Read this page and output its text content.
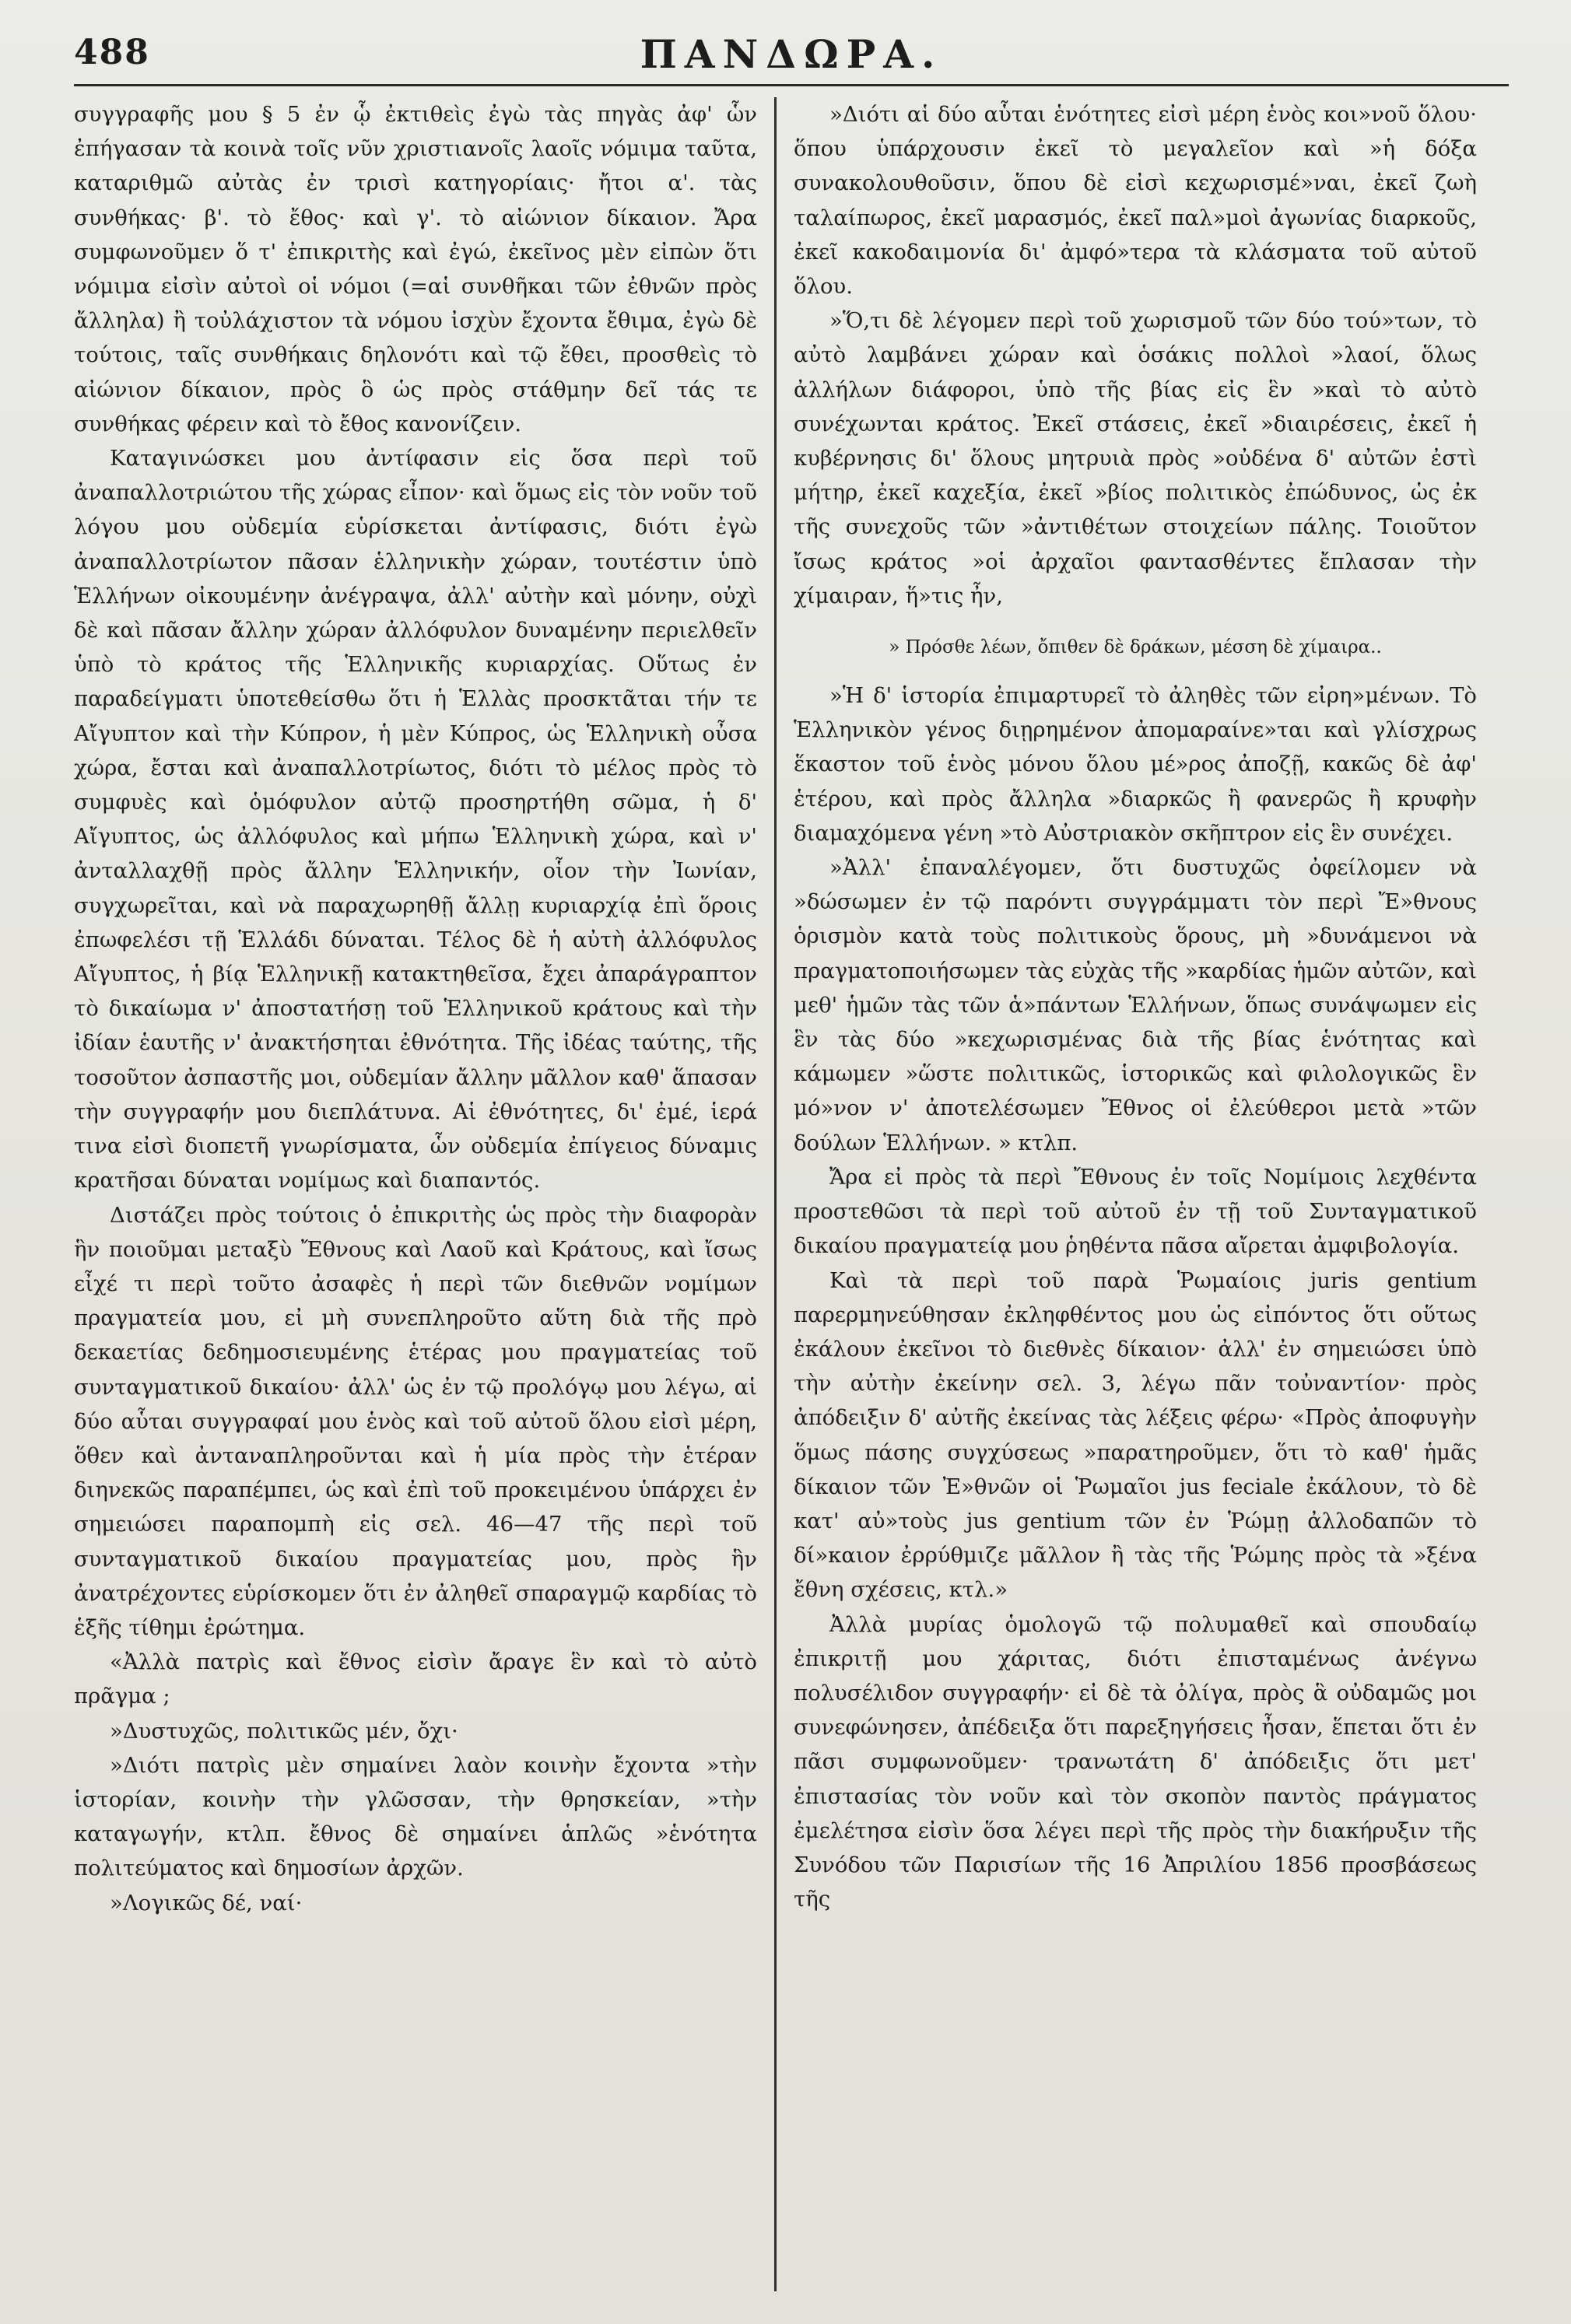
488	ΠΑΝΔΩΡΑ.

συγγραφῆς μου § 5 ἐν ᾧ ἐκτιθεὶς ἐγὼ τὰς πηγὰς ἀφ' ὧν ἐπήγασαν τὰ κοινὰ τοῖς νῦν χριστιανοῖς λαοῖς νόμιμα ταῦτα, καταριθμῶ αὐτὰς ἐν τρισὶ κατηγορίαις· ἤτοι α'. τὰς συνθήκας· β'. τὸ ἔθος· καὶ γ'. τὸ αἰώνιον δίκαιον. Ἄρα συμφωνοῦμεν ὅ τ' ἐπικριτὴς καὶ ἐγώ, ἐκεῖνος μὲν εἰπὼν ὅτι νόμιμα εἰσὶν αὐτοὶ οἱ νόμοι (=αἱ συνθῆκαι τῶν ἐθνῶν πρὸς ἄλληλα) ἢ τοὐλάχιστον τὰ νόμου ἰσχὺν ἔχοντα ἔθιμα, ἐγὼ δὲ τούτοις, ταῖς συνθήκαις δηλονότι καὶ τῷ ἔθει, προσθεὶς τὸ αἰώνιον δίκαιον, πρὸς ὃ ὡς πρὸς στάθμην δεῖ τάς τε συνθήκας φέρειν καὶ τὸ ἔθος κανονίζειν.

Καταγινώσκει μου ἀντίφασιν εἰς ὅσα περὶ τοῦ ἀναπαλλοτριώτου τῆς χώρας εἶπον· καὶ ὅμως εἰς τὸν νοῦν τοῦ λόγου μου οὐδεμία εὑρίσκεται ἀντίφασις, διότι ἐγὼ ἀναπαλλοτρίωτον πᾶσαν ἑλληνικὴν χώραν, τουτέστιν ὑπὸ Ἑλλήνων οἰκουμένην ἀνέγραψα, ἀλλ' αὐτὴν καὶ μόνην, οὐχὶ δὲ καὶ πᾶσαν ἄλλην χώραν ἀλλόφυλον δυναμένην περιελθεῖν ὑπὸ τὸ κράτος τῆς Ἑλληνικῆς κυριαρχίας. Οὕτως ἐν παραδείγματι ὑποτεθείσθω ὅτι ἡ Ἑλλὰς προσκτᾶται τήν τε Αἴγυπτον καὶ τὴν Κύπρον, ἡ μὲν Κύπρος, ὡς Ἑλληνικὴ οὖσα χώρα, ἔσται καὶ ἀναπαλλοτρίωτος, διότι τὸ μέλος πρὸς τὸ συμφυὲς καὶ ὁμόφυλον αὐτῷ προσηρτήθη σῶμα, ἡ δ' Αἴγυπτος, ὡς ἀλλόφυλος καὶ μήπω Ἑλληνικὴ χώρα, καὶ ν' ἀνταλλαχθῇ πρὸς ἄλλην Ἑλληνικήν, οἷον τὴν Ἰωνίαν, συγχωρεῖται, καὶ νὰ παραχωρηθῇ ἄλλῃ κυριαρχίᾳ ἐπὶ ὅροις ἐπωφελέσι τῇ Ἑλλάδι δύναται. Τέλος δὲ ἡ αὐτὴ ἀλλόφυλος Αἴγυπτος, ἡ βίᾳ Ἑλληνικῇ κατακτηθεῖσα, ἔχει ἀπαράγραπτον τὸ δικαίωμα ν' ἀποστατήσῃ τοῦ Ἑλληνικοῦ κράτους καὶ τὴν ἰδίαν ἑαυτῆς ν' ἀνακτήσηται ἐθνότητα. Τῆς ἰδέας ταύτης, τῆς τοσοῦτον ἀσπαστῆς μοι, οὐδεμίαν ἄλλην μᾶλλον καθ' ἅπασαν τὴν συγγραφήν μου διεπλάτυνα. Αἱ ἐθνότητες, δι' ἐμέ, ἱερά τινα εἰσὶ διοπετῆ γνωρίσματα, ὧν οὐδεμία ἐπίγειος δύναμις κρατῆσαι δύναται νομίμως καὶ διαπαντός.

Διστάζει πρὸς τούτοις ὁ ἐπικριτὴς ὡς πρὸς τὴν διαφορὰν ἣν ποιοῦμαι μεταξὺ Ἔθνους καὶ Λαοῦ καὶ Κράτους, καὶ ἴσως εἶχέ τι περὶ τοῦτο ἀσαφὲς ἡ περὶ τῶν διεθνῶν νομίμων πραγματεία μου, εἰ μὴ συνεπληροῦτο αὕτη διὰ τῆς πρὸ δεκαετίας δεδημοσιευμένης ἑτέρας μου πραγματείας τοῦ συνταγματικοῦ δικαίου· ἀλλ' ὡς ἐν τῷ προλόγῳ μου λέγω, αἱ δύο αὗται συγγραφαί μου ἑνὸς καὶ τοῦ αὐτοῦ ὅλου εἰσὶ μέρη, ὅθεν καὶ ἀνταναπληροῦνται καὶ ἡ μία πρὸς τὴν ἑτέραν διηνεκῶς παραπέμπει, ὡς καὶ ἐπὶ τοῦ προκειμένου ὑπάρχει ἐν σημειώσει παραπομπὴ εἰς σελ. 46—47 τῆς περὶ τοῦ συνταγματικοῦ δικαίου πραγματείας μου, πρὸς ἣν ἀνατρέχοντες εὑρίσκομεν ὅτι ἐν ἀληθεῖ σπαραγμῷ καρδίας τὸ ἑξῆς τίθημι ἐρώτημα.

«Ἀλλὰ πατρὶς καὶ ἔθνος εἰσὶν ἄραγε ἓν καὶ τὸ αὐτὸ πρᾶγμα ;

»Δυστυχῶς, πολιτικῶς μέν, ὄχι·

»Διότι πατρὶς μὲν σημαίνει λαὸν κοινὴν ἔχοντα »τὴν ἱστορίαν, κοινὴν τὴν γλῶσσαν, τὴν θρησκείαν, »τὴν καταγωγήν, κτλπ. ἔθνος δὲ σημαίνει ἁπλῶς »ἑνότητα πολιτεύματος καὶ δημοσίων ἀρχῶν.

»Λογικῶς δέ, ναί·

»Διότι αἱ δύο αὗται ἑνότητες εἰσὶ μέρη ἑνὸς κοι»νοῦ ὅλου· ὅπου ὑπάρχουσιν ἐκεῖ τὸ μεγαλεῖον καὶ »ἡ δόξα συνακολουθοῦσιν, ὅπου δὲ εἰσὶ κεχωρισμέ»ναι, ἐκεῖ ζωὴ ταλαίπωρος, ἐκεῖ μαρασμός, ἐκεῖ παλ»μοὶ ἀγωνίας διαρκοῦς, ἐκεῖ κακοδαιμονία δι' ἀμφό»τερα τὰ κλάσματα τοῦ αὐτοῦ ὅλου.

»Ὅ,τι δὲ λέγομεν περὶ τοῦ χωρισμοῦ τῶν δύο τού»των, τὸ αὐτὸ λαμβάνει χώραν καὶ ὁσάκις πολλοὶ »λαοί, ὅλως ἀλλήλων διάφοροι, ὑπὸ τῆς βίας εἰς ἓν »καὶ τὸ αὐτὸ συνέχωνται κράτος. Ἐκεῖ στάσεις, ἐκεῖ »διαιρέσεις, ἐκεῖ ἡ κυβέρνησις δι' ὅλους μητρυιὰ πρὸς »οὐδένα δ' αὐτῶν ἐστὶ μήτηρ, ἐκεῖ καχεξία, ἐκεῖ »βίος πολιτικὸς ἐπώδυνος, ὡς ἐκ τῆς συνεχοῦς τῶν »ἀντιθέτων στοιχείων πάλης. Τοιοῦτον ἴσως κράτος »οἱ ἀρχαῖοι φαντασθέντες ἔπλασαν τὴν χίμαιραν, ἥ»τις ἦν,

» Πρόσθε λέων, ὄπιθεν δὲ δράκων, μέσση δὲ χίμαιρα..

»Ἡ δ' ἱστορία ἐπιμαρτυρεῖ τὸ ἀληθὲς τῶν εἰρη»μένων. Τὸ Ἑλληνικὸν γένος διῃρημένον ἀπομαραίνε»ται καὶ γλίσχρως ἕκαστον τοῦ ἑνὸς μόνου ὅλου μέ»ρος ἀποζῇ, κακῶς δὲ ἀφ' ἑτέρου, καὶ πρὸς ἄλληλα »διαρκῶς ἢ φανερῶς ἢ κρυφὴν διαμαχόμενα γένη »τὸ Αὐστριακὸν σκῆπτρον εἰς ἓν συνέχει.

»Ἀλλ' ἐπαναλέγομεν, ὅτι δυστυχῶς ὀφείλομεν νὰ »δώσωμεν ἐν τῷ παρόντι συγγράμματι τὸν περὶ Ἔ»θνους ὁρισμὸν κατὰ τοὺς πολιτικοὺς ὅρους, μὴ »δυνάμενοι νὰ πραγματοποιήσωμεν τὰς εὐχὰς τῆς »καρδίας ἡμῶν αὐτῶν, καὶ μεθ' ἡμῶν τὰς τῶν ἁ»πάντων Ἑλλήνων, ὅπως συνάψωμεν εἰς ἓν τὰς δύο »κεχωρισμένας διὰ τῆς βίας ἑνότητας καὶ κάμωμεν »ὥστε πολιτικῶς, ἱστορικῶς καὶ φιλολογικῶς ἓν μό»νον ν' ἀποτελέσωμεν Ἔθνος οἱ ἐλεύθεροι μετὰ »τῶν δούλων Ἑλλήνων. » κτλπ.

Ἄρα εἰ πρὸς τὰ περὶ Ἔθνους ἐν τοῖς Νομίμοις λεχθέντα προστεθῶσι τὰ περὶ τοῦ αὐτοῦ ἐν τῇ τοῦ Συνταγματικοῦ δικαίου πραγματείᾳ μου ῥηθέντα πᾶσα αἴρεται ἀμφιβολογία.

Καὶ τὰ περὶ τοῦ παρὰ Ῥωμαίοις juris gentium παρερμηνεύθησαν ἐκληφθέντος μου ὡς εἰπόντος ὅτι οὕτως ἐκάλουν ἐκεῖνοι τὸ διεθνὲς δίκαιον· ἀλλ' ἐν σημειώσει ὑπὸ τὴν αὐτὴν ἐκείνην σελ. 3, λέγω πᾶν τοὐναντίον· πρὸς ἀπόδειξιν δ' αὐτῆς ἐκείνας τὰς λέξεις φέρω· «Πρὸς ἀποφυγὴν ὅμως πάσης συγχύσεως »παρατηροῦμεν, ὅτι τὸ καθ' ἡμᾶς δίκαιον τῶν Ἐ»θνῶν οἱ Ῥωμαῖοι jus feciale ἐκάλουν, τὸ δὲ κατ' αὐ»τοὺς jus gentium τῶν ἐν Ῥώμῃ ἀλλοδαπῶν τὸ δί»καιον ἐρρύθμιζε μᾶλλον ἢ τὰς τῆς Ῥώμης πρὸς τὰ »ξένα ἔθνη σχέσεις, κτλ.»

Ἀλλὰ μυρίας ὁμολογῶ τῷ πολυμαθεῖ καὶ σπουδαίῳ ἐπικριτῇ μου χάριτας, διότι ἐπισταμένως ἀνέγνω πολυσέλιδον συγγραφήν· εἰ δὲ τὰ ὀλίγα, πρὸς ἃ οὐδαμῶς μοι συνεφώνησεν, ἀπέδειξα ὅτι παρεξηγήσεις ἦσαν, ἕπεται ὅτι ἐν πᾶσι συμφωνοῦμεν· τρανωτάτη δ' ἀπόδειξις ὅτι μετ' ἐπιστασίας τὸν νοῦν καὶ τὸν σκοπὸν παντὸς πράγματος ἐμελέτησα εἰσὶν ὅσα λέγει περὶ τῆς πρὸς τὴν διακήρυξιν τῆς Συνόδου τῶν Παρισίων τῆς 16 Ἀπριλίου 1856 προσβάσεως τῆς
